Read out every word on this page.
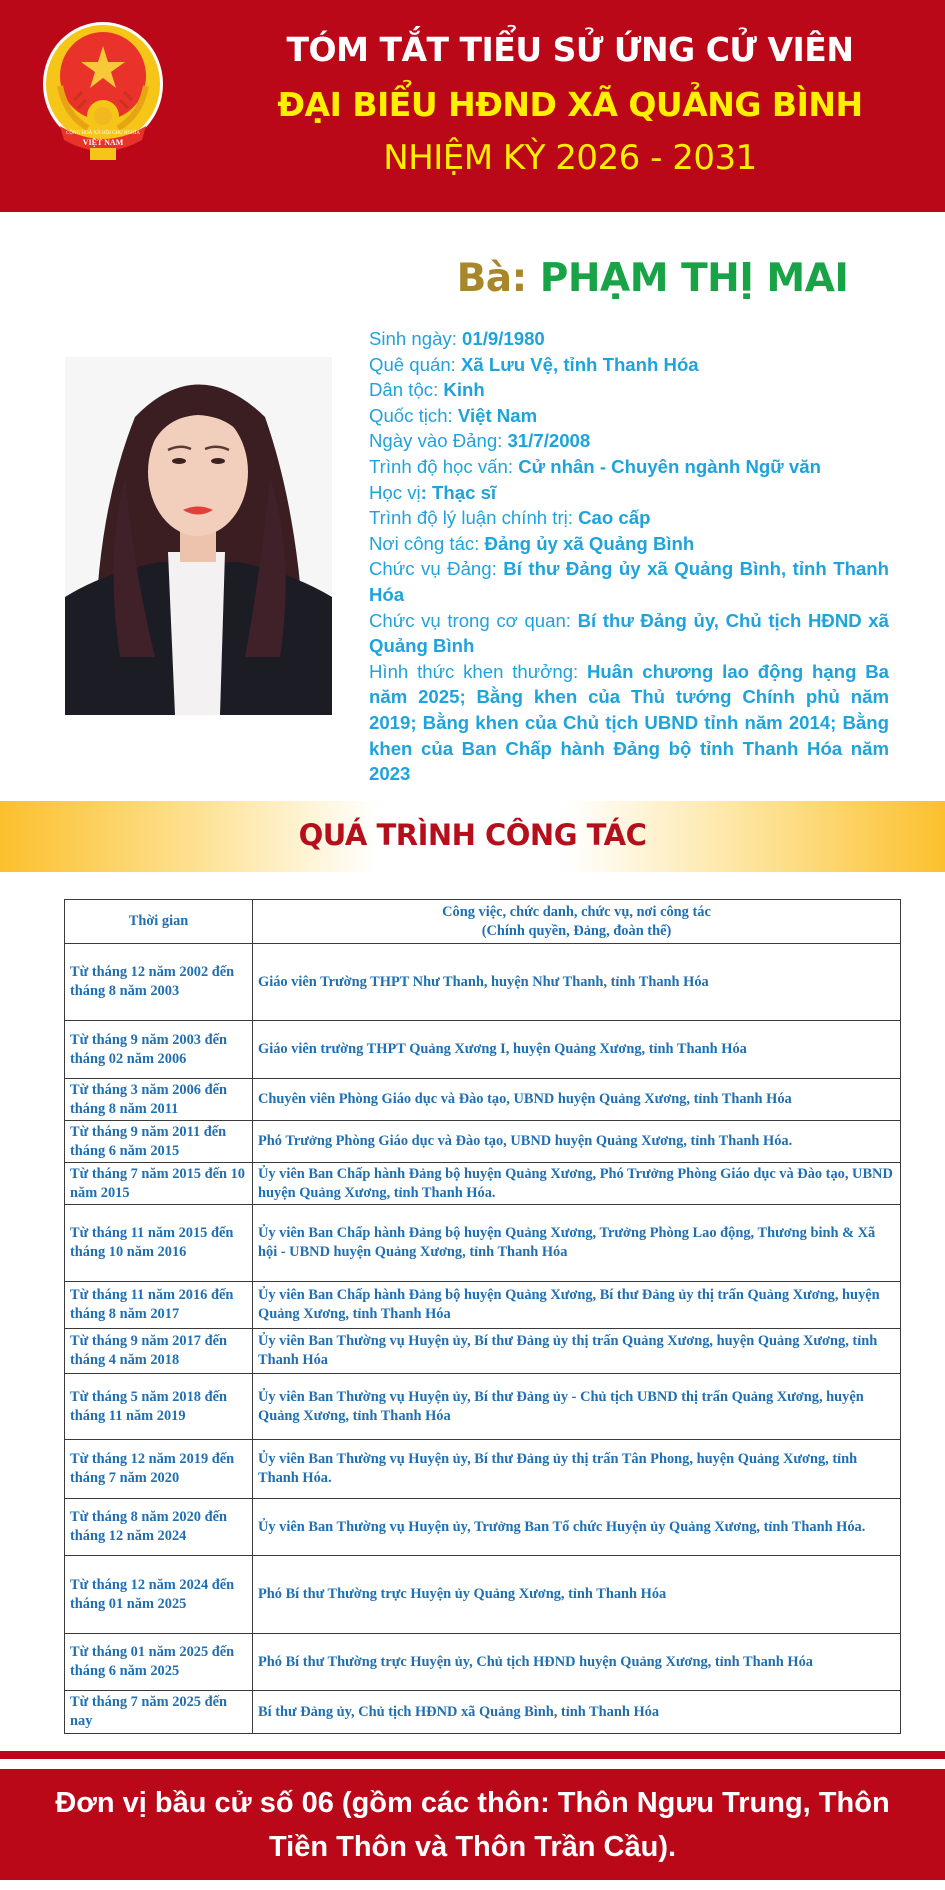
CỘNG HOÀ XÃ HỘI CHỦ NGHĨA
VIỆT NAM
TÓM TẮT TIỂU SỬ ỨNG CỬ VIÊN
ĐẠI BIỂU HĐND XÃ QUẢNG BÌNH
NHIỆM KỲ 2026 - 2031
Bà: PHẠM THỊ MAI
Sinh ngày: 01/9/1980
Quê quán: Xã Lưu Vệ, tỉnh Thanh Hóa
Dân tộc: Kinh
Quốc tịch: Việt Nam
Ngày vào Đảng: 31/7/2008
Trình độ học vấn: Cử nhân - Chuyên ngành Ngữ văn
Học vị: Thạc sĩ
Trình độ lý luận chính trị: Cao cấp
Nơi công tác: Đảng ủy xã Quảng Bình
Chức vụ Đảng: Bí thư Đảng ủy xã Quảng Bình, tỉnh Thanh Hóa
Chức vụ trong cơ quan: Bí thư Đảng ủy, Chủ tịch HĐND xã Quảng Bình
Hình thức khen thưởng: Huân chương lao động hạng Ba năm 2025; Bằng khen của Thủ tướng Chính phủ năm 2019; Bằng khen của Chủ tịch UBND tỉnh năm 2014; Bằng khen của Ban Chấp hành Đảng bộ tỉnh Thanh Hóa năm 2023
QUÁ TRÌNH CÔNG TÁC
Thời gian	Công việc, chức danh, chức vụ, nơi công tác
(Chính quyền, Đảng, đoàn thể)

Từ tháng 12 năm 2002 đến tháng 8 năm 2003	Giáo viên Trường THPT Như Thanh, huyện Như Thanh, tỉnh Thanh Hóa
Từ tháng 9 năm 2003 đến tháng 02 năm 2006	Giáo viên trường THPT Quảng Xương I, huyện Quảng Xương, tỉnh Thanh Hóa
Từ tháng 3 năm 2006 đến tháng 8 năm 2011	Chuyên viên Phòng Giáo dục và Đào tạo, UBND huyện Quảng Xương, tỉnh Thanh Hóa
Từ tháng 9 năm 2011 đến tháng 6 năm 2015	Phó Trưởng Phòng Giáo dục và Đào tạo, UBND huyện Quảng Xương, tỉnh Thanh Hóa.
Từ tháng 7 năm 2015 đến 10 năm 2015	Ủy viên Ban Chấp hành Đảng bộ huyện Quảng Xương, Phó Trưởng Phòng Giáo dục và Đào tạo, UBND huyện Quảng Xương, tỉnh Thanh Hóa.
Từ tháng 11 năm 2015 đến tháng 10 năm 2016	Ủy viên Ban Chấp hành Đảng bộ huyện Quảng Xương, Trưởng Phòng Lao động, Thương binh & Xã hội - UBND huyện Quảng Xương, tỉnh Thanh Hóa
Từ tháng 11 năm 2016 đến tháng 8 năm 2017	Ủy viên Ban Chấp hành Đảng bộ huyện Quảng Xương, Bí thư Đảng ủy thị trấn Quảng Xương, huyện Quảng Xương, tỉnh Thanh Hóa
Từ tháng 9 năm 2017 đến tháng 4 năm 2018	Ủy viên Ban Thường vụ Huyện ủy, Bí thư Đảng ủy thị trấn Quảng Xương, huyện Quảng Xương, tỉnh Thanh Hóa
Từ tháng 5 năm 2018 đến tháng 11 năm 2019	Ủy viên Ban Thường vụ Huyện ủy, Bí thư Đảng ủy - Chủ tịch UBND thị trấn Quảng Xương, huyện Quảng Xương, tỉnh Thanh Hóa
Từ tháng 12 năm 2019 đến tháng 7 năm 2020	Ủy viên Ban Thường vụ Huyện ủy, Bí thư Đảng ủy thị trấn Tân Phong, huyện Quảng Xương, tỉnh Thanh Hóa.
Từ tháng 8 năm 2020 đến tháng 12 năm 2024	Ủy viên Ban Thường vụ Huyện ủy, Trưởng Ban Tổ chức Huyện ủy Quảng Xương, tỉnh Thanh Hóa.
Từ tháng 12 năm 2024 đến tháng 01 năm 2025	Phó Bí thư Thường trực Huyện ủy Quảng Xương, tỉnh Thanh Hóa
Từ tháng 01 năm 2025 đến tháng 6 năm 2025	Phó Bí thư Thường trực Huyện ủy, Chủ tịch HĐND huyện Quảng Xương, tỉnh Thanh Hóa
Từ tháng 7 năm 2025 đến nay	Bí thư Đảng ủy, Chủ tịch HĐND xã Quảng Bình, tỉnh Thanh Hóa
Đơn vị bầu cử số 06 (gồm các thôn: Thôn Ngưu Trung, Thôn Tiền Thôn và Thôn Trần Cầu).
